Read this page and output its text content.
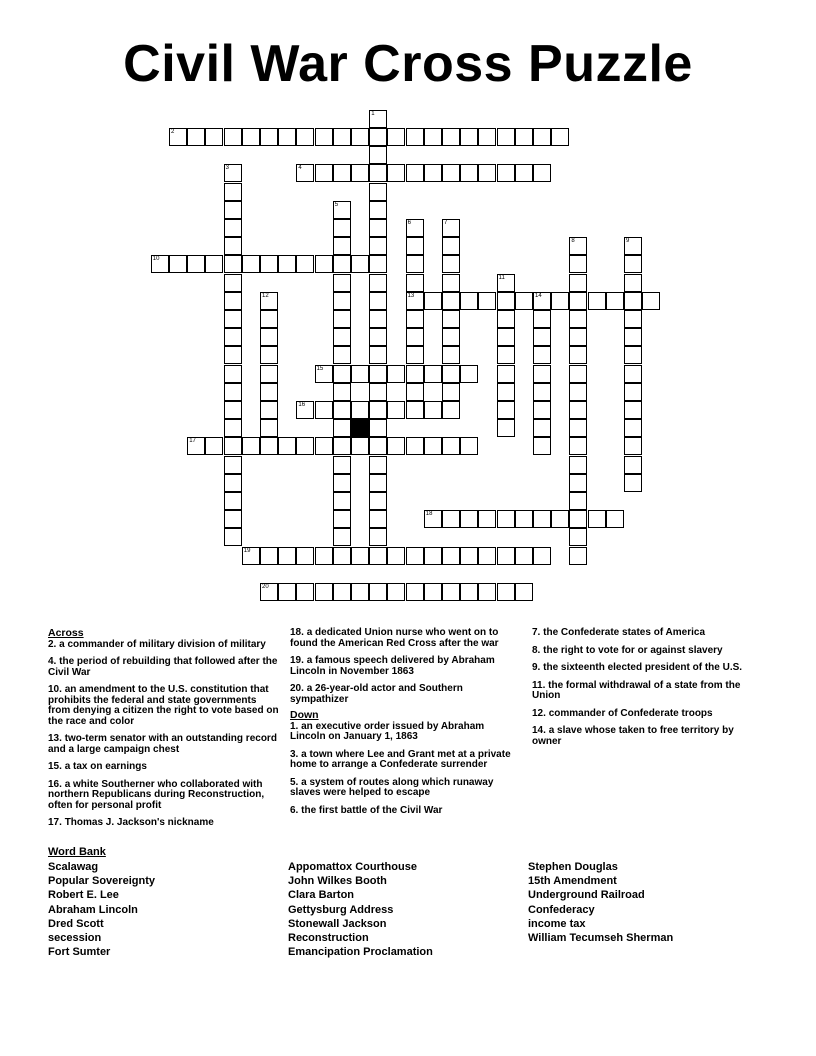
Civil War Cross Puzzle
2
4
10
13	14
15
16
17
18
19
20
1
3
5
6	7
8	9
11
12
Across
2. a commander of military division of military
4. the period of rebuilding that followed after the Civil War
10. an amendment to the U.S. constitution that prohibits the federal and state governments from denying a citizen the right to vote based on the race and color
13. two-term senator with an outstanding record and a large campaign chest
15. a tax on earnings
16. a white Southerner who collaborated with northern Republicans during Reconstruction, often for personal profit
17. Thomas J. Jackson's nickname
18. a dedicated Union nurse who went on to found the American Red Cross after the war
19. a famous speech delivered by Abraham Lincoln in November 1863
20. a 26-year-old actor and Southern sympathizer
Down
1. an executive order issued by Abraham Lincoln on January 1, 1863
3. a town where Lee and Grant met at a private home to arrange a Confederate surrender
5. a system of routes along which runaway slaves were helped to escape
6. the first battle of the Civil War
7. the Confederate states of America
8. the right to vote for or against slavery
9. the sixteenth elected president of the U.S.
11. the formal withdrawal of a state from the Union
12. commander of Confederate troops
14. a slave whose taken to free territory by owner
Word Bank
Scalawag
Popular Sovereignty
Robert E. Lee
Abraham Lincoln
Dred Scott
secession
Fort Sumter
Appomattox Courthouse
John Wilkes Booth
Clara Barton
Gettysburg Address
Stonewall Jackson
Reconstruction
Emancipation Proclamation
Stephen Douglas
15th Amendment
Underground Railroad
Confederacy
income tax
William Tecumseh Sherman
